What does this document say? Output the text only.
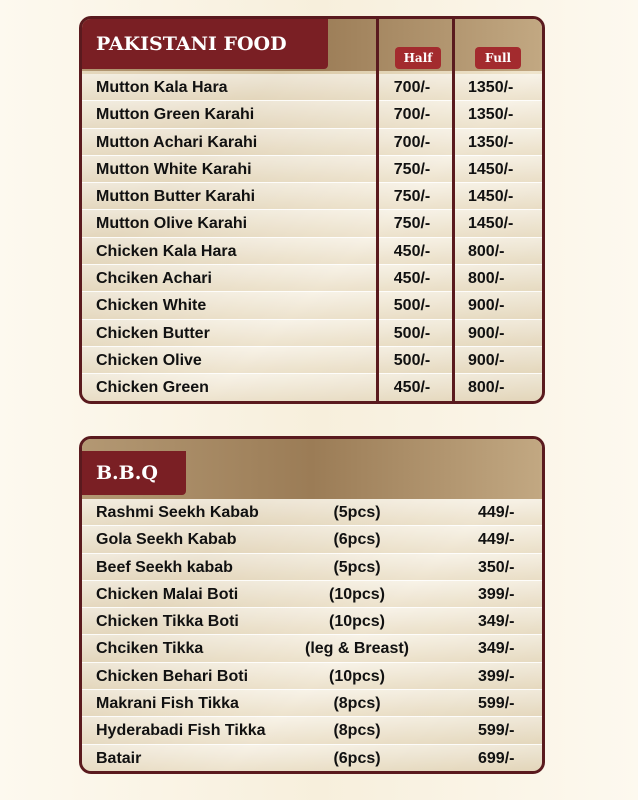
PAKISTANI FOOD
Half	Full
Mutton Kala Hara	700/-	1350/-
Mutton Green Karahi	700/-	1350/-
Mutton Achari Karahi	700/-	1350/-
Mutton White Karahi	750/-	1450/-
Mutton Butter Karahi	750/-	1450/-
Mutton Olive Karahi	750/-	1450/-
Chicken Kala Hara	450/-	800/-
Chciken Achari	450/-	800/-
Chicken White	500/-	900/-
Chicken Butter	500/-	900/-
Chicken Olive	500/-	900/-
Chicken Green	450/-	800/-
B.B.Q
Rashmi Seekh Kabab	(5pcs)	449/-
Gola Seekh Kabab	(6pcs)	449/-
Beef Seekh kabab	(5pcs)	350/-
Chicken Malai Boti	(10pcs)	399/-
Chicken Tikka Boti	(10pcs)	349/-
Chciken Tikka	(leg & Breast)	349/-
Chicken Behari Boti	(10pcs)	399/-
Makrani Fish Tikka	(8pcs)	599/-
Hyderabadi Fish Tikka	(8pcs)	599/-
Batair	(6pcs)	699/-
